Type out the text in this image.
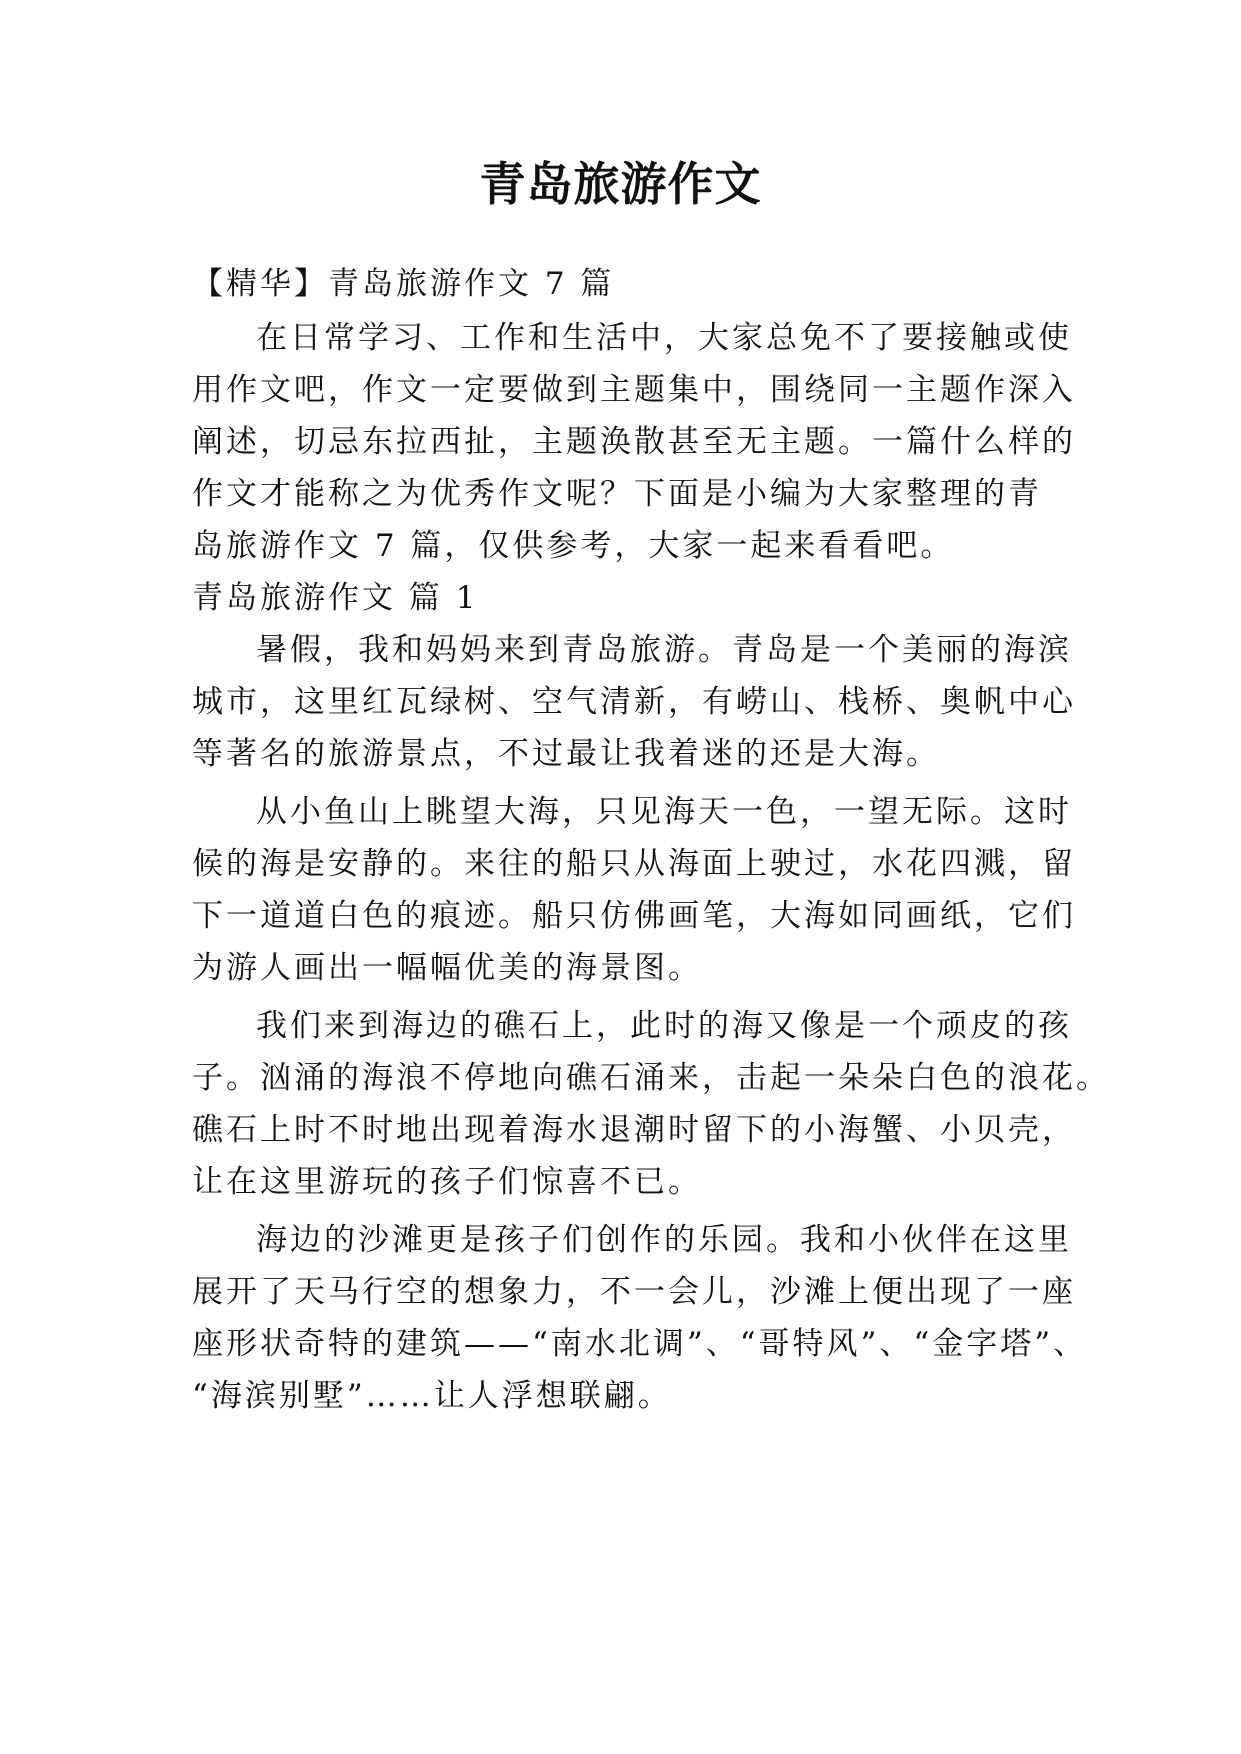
青岛旅游作文
【精华】青岛旅游作文 7 篇
在日常学习、工作和生活中，大家总免不了要接触或使
用作文吧，作文一定要做到主题集中，围绕同一主题作深入
阐述，切忌东拉西扯，主题涣散甚至无主题。一篇什么样的
作文才能称之为优秀作文呢？下面是小编为大家整理的青
岛旅游作文 7 篇，仅供参考，大家一起来看看吧。
青岛旅游作文 篇 1
暑假，我和妈妈来到青岛旅游。青岛是一个美丽的海滨
城市，这里红瓦绿树、空气清新，有崂山、栈桥、奥帆中心
等著名的旅游景点，不过最让我着迷的还是大海。
从小鱼山上眺望大海，只见海天一色，一望无际。这时
候的海是安静的。来往的船只从海面上驶过，水花四溅，留
下一道道白色的痕迹。船只仿佛画笔，大海如同画纸，它们
为游人画出一幅幅优美的海景图。
我们来到海边的礁石上，此时的海又像是一个顽皮的孩
子。汹涌的海浪不停地向礁石涌来，击起一朵朵白色的浪花。
礁石上时不时地出现着海水退潮时留下的小海蟹、小贝壳，
让在这里游玩的孩子们惊喜不已。
海边的沙滩更是孩子们创作的乐园。我和小伙伴在这里
展开了天马行空的想象力，不一会儿，沙滩上便出现了一座
座形状奇特的建筑——“南水北调”、“哥特风”、“金字塔”、
“海滨别墅”……让人浮想联翩。
